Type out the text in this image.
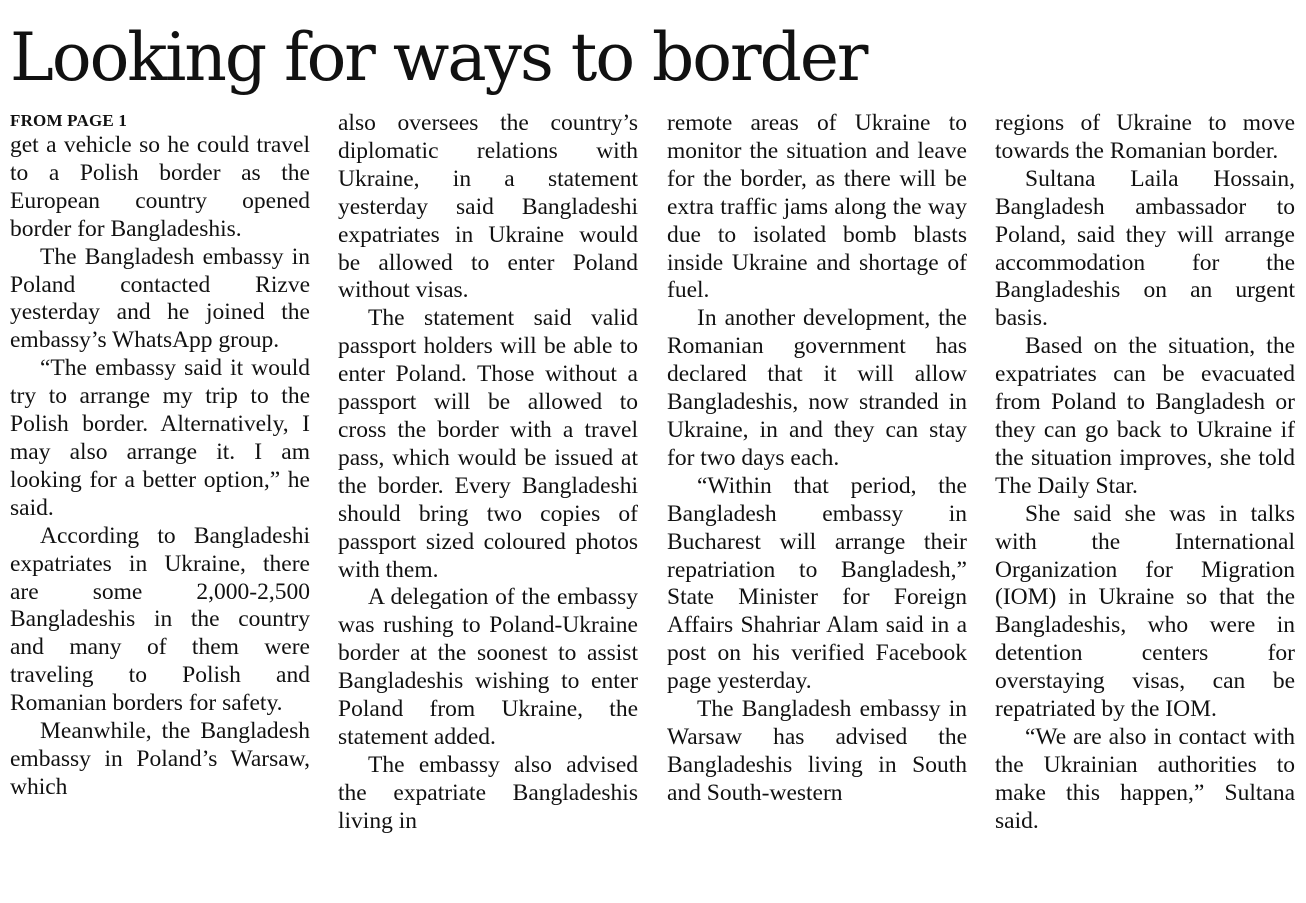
Looking for ways to border
FROM PAGE 1

get a vehicle so he could travel to a Polish border as the European country opened border for Bangladeshis.

The Bangladesh embassy in Poland contacted Rizve yesterday and he joined the embassy’s WhatsApp group.

“The embassy said it would try to arrange my trip to the Polish border. Alternatively, I may also arrange it. I am looking for a better option,” he said.

According to Bangladeshi expatriates in Ukraine, there are some 2,000-2,500 Bangladeshis in the country and many of them were traveling to Polish and Romanian borders for safety.

Meanwhile, the Bangladesh embassy in Poland’s Warsaw, which

also oversees the country’s diplomatic relations with Ukraine, in a statement yesterday said Bangladeshi expatriates in Ukraine would be allowed to enter Poland without visas.

The statement said valid passport holders will be able to enter Poland. Those without a passport will be allowed to cross the border with a travel pass, which would be issued at the border. Every Bangladeshi should bring two copies of passport sized coloured photos with them.

A delegation of the embassy was rushing to Poland-Ukraine border at the soonest to assist Bangladeshis wishing to enter Poland from Ukraine, the statement added.

The embassy also advised the expatriate Bangladeshis living in

remote areas of Ukraine to monitor the situation and leave for the border, as there will be extra traffic jams along the way due to isolated bomb blasts inside Ukraine and shortage of fuel.

In another development, the Romanian government has declared that it will allow Bangladeshis, now stranded in Ukraine, in and they can stay for two days each.

“Within that period, the Bangladesh embassy in Bucharest will arrange their repatriation to Bangladesh,” State Minister for Foreign Affairs Shahriar Alam said in a post on his verified Facebook page yesterday.

The Bangladesh embassy in Warsaw has advised the Bangladeshis living in South and South-western

regions of Ukraine to move towards the Romanian border.

Sultana Laila Hossain, Bangladesh ambassador to Poland, said they will arrange accommodation for the Bangladeshis on an urgent basis.

Based on the situation, the expatriates can be evacuated from Poland to Bangladesh or they can go back to Ukraine if the situation improves, she told The Daily Star.

She said she was in talks with the International Organization for Migration (IOM) in Ukraine so that the Bangladeshis, who were in detention centers for overstaying visas, can be repatriated by the IOM.

“We are also in contact with the Ukrainian authorities to make this happen,” Sultana said.
